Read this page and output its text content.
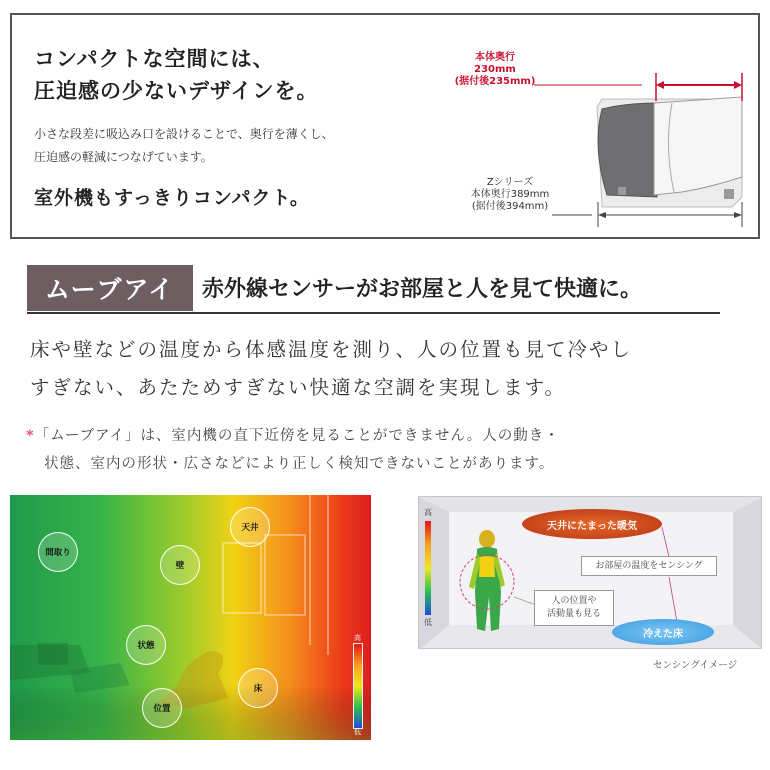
コンパクトな空間には、
圧迫感の少ないデザインを。
小さな段差に吸込み口を設けることで、奥行を薄くし、
圧迫感の軽減につなげています。
室外機もすっきりコンパクト。
本体奥行
230mm
(据付後235mm)
Zシリーズ
本体奥行389mm
(据付後394mm)
ムーブアイ	赤外線センサーがお部屋と人を見て快適に。
床や壁などの温度から体感温度を測り、人の位置も見て冷やし
すぎない、あたためすぎない快適な空調を実現します。
*「ムーブアイ」は、室内機の直下近傍を見ることができません。人の動き・
状態、室内の形状・広さなどにより正しく検知できないことがあります。
間取り
壁
天井
状態
床
位置
高
低
高
低
天井にたまった暖気
お部屋の温度をセンシング
人の位置や
活動量も見る
冷えた床
センシングイメージ
